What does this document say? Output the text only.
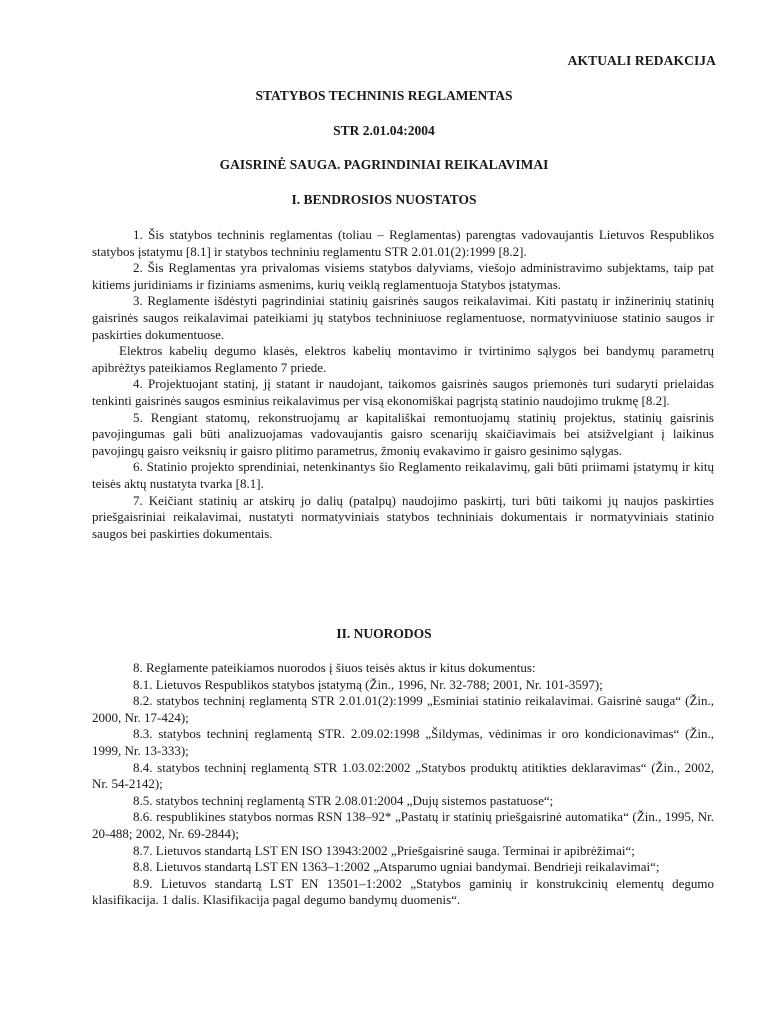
AKTUALI REDAKCIJA
STATYBOS TECHNINIS REGLAMENTAS
STR 2.01.04:2004
GAISRINĖ SAUGA. PAGRINDINIAI REIKALAVIMAI
I. BENDROSIOS NUOSTATOS

1. Šis statybos techninis reglamentas (toliau – Reglamentas) parengtas vadovaujantis Lietuvos Respublikos statybos įstatymu [8.1] ir statybos techniniu reglamentu STR 2.01.01(2):1999 [8.2].

2. Šis Reglamentas yra privalomas visiems statybos dalyviams, viešojo administravimo subjektams, taip pat kitiems juridiniams ir fiziniams asmenims, kurių veiklą reglamentuoja Statybos įstatymas.

3. Reglamente išdėstyti pagrindiniai statinių gaisrinės saugos reikalavimai. Kiti pastatų ir inžinerinių statinių gaisrinės saugos reikalavimai pateikiami jų statybos techniniuose reglamentuose, normatyviniuose statinio saugos ir paskirties dokumentuose.

Elektros kabelių degumo klasės, elektros kabelių montavimo ir tvirtinimo sąlygos bei bandymų parametrų apibrėžtys pateikiamos Reglamento 7 priede.

4. Projektuojant statinį, jį statant ir naudojant, taikomos gaisrinės saugos priemonės turi sudaryti prielaidas tenkinti gaisrinės saugos esminius reikalavimus per visą ekonomiškai pagrįstą statinio naudojimo trukmę [8.2].

5. Rengiant statomų, rekonstruojamų ar kapitališkai remontuojamų statinių projektus, statinių gaisrinis pavojingumas gali būti analizuojamas vadovaujantis gaisro scenarijų skaičiavimais bei atsižvelgiant į laikinus pavojingų gaisro veiksnių ir gaisro plitimo parametrus, žmonių evakavimo ir gaisro gesinimo sąlygas.

6. Statinio projekto sprendiniai, netenkinantys šio Reglamento reikalavimų, gali būti priimami įstatymų ir kitų teisės aktų nustatyta tvarka [8.1].

7. Keičiant statinių ar atskirų jo dalių (patalpų) naudojimo paskirtį, turi būti taikomi jų naujos paskirties priešgaisriniai reikalavimai, nustatyti normatyviniais statybos techniniais dokumentais ir normatyviniais statinio saugos bei paskirties dokumentais.

II. NUORODOS

8. Reglamente pateikiamos nuorodos į šiuos teisės aktus ir kitus dokumentus:

8.1. Lietuvos Respublikos statybos įstatymą (Žin., 1996, Nr. 32-788; 2001, Nr. 101-3597);

8.2. statybos techninį reglamentą STR 2.01.01(2):1999 „Esminiai statinio reikalavimai. Gaisrinė sauga“ (Žin., 2000, Nr. 17-424);

8.3. statybos techninį reglamentą STR. 2.09.02:1998 „Šildymas, vėdinimas ir oro kondicionavimas“ (Žin., 1999, Nr. 13-333);

8.4. statybos techninį reglamentą STR 1.03.02:2002 „Statybos produktų atitikties deklaravimas“ (Žin., 2002, Nr. 54-2142);

8.5. statybos techninį reglamentą STR 2.08.01:2004 „Dujų sistemos pastatuose“;

8.6. respublikines statybos normas RSN 138–92* „Pastatų ir statinių priešgaisrinė automatika“ (Žin., 1995, Nr. 20-488; 2002, Nr. 69-2844);

8.7. Lietuvos standartą LST EN ISO 13943:2002 „Priešgaisrinė sauga. Terminai ir apibrėžimai“;

8.8. Lietuvos standartą LST EN 1363–1:2002 „Atsparumo ugniai bandymai. Bendrieji reikalavimai“;

8.9. Lietuvos standartą LST EN 13501–1:2002 „Statybos gaminių ir konstrukcinių elementų degumo klasifikacija. 1 dalis. Klasifikacija pagal degumo bandymų duomenis“.
